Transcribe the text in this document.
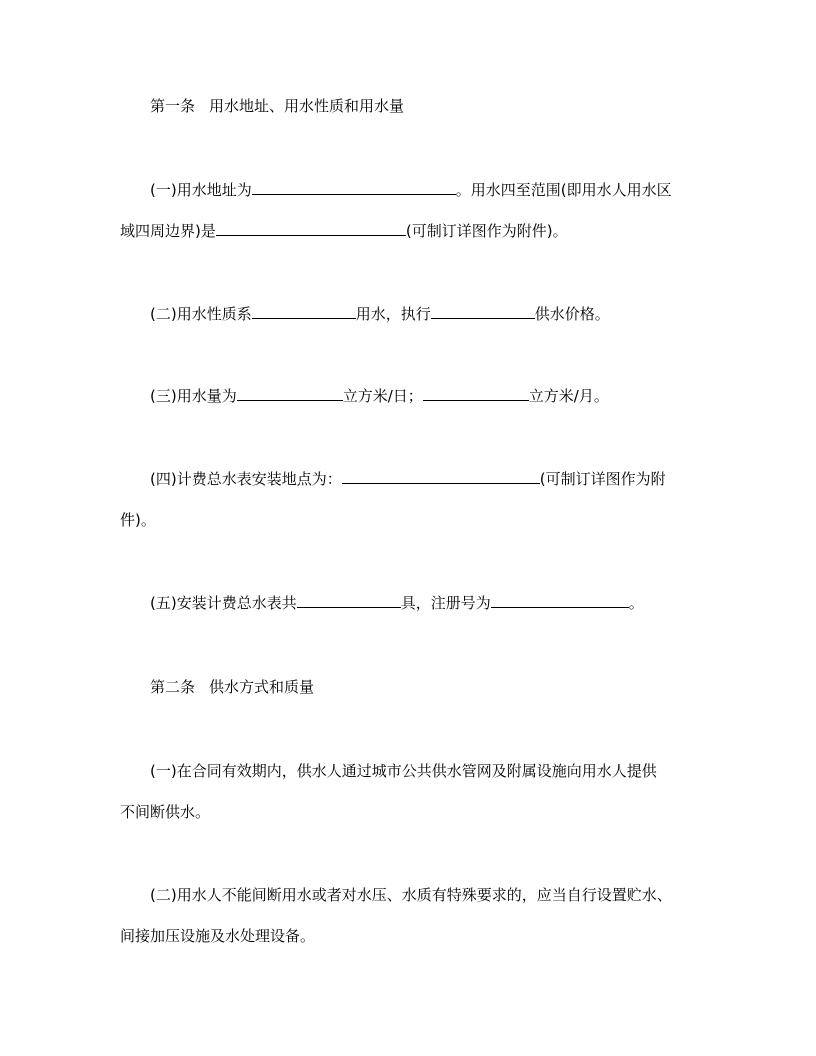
第一条 用水地址、用水性质和用水量
(一)用水地址为	。用水四至范围(即用水人用水区
域四周边界)是	(可制订详图作为附件)。
(二)用水性质系	用水，执行	供水价格。
(三)用水量为	立方米/日；	立方米/月。
(四)计费总水表安装地点为：	(可制订详图作为附
件)。
(五)安装计费总水表共	具，注册号为	。
第二条 供水方式和质量
(一)在合同有效期内，供水人通过城市公共供水管网及附属设施向用水人提供
不间断供水。
(二)用水人不能间断用水或者对水压、水质有特殊要求的，应当自行设置贮水、
间接加压设施及水处理设备。
